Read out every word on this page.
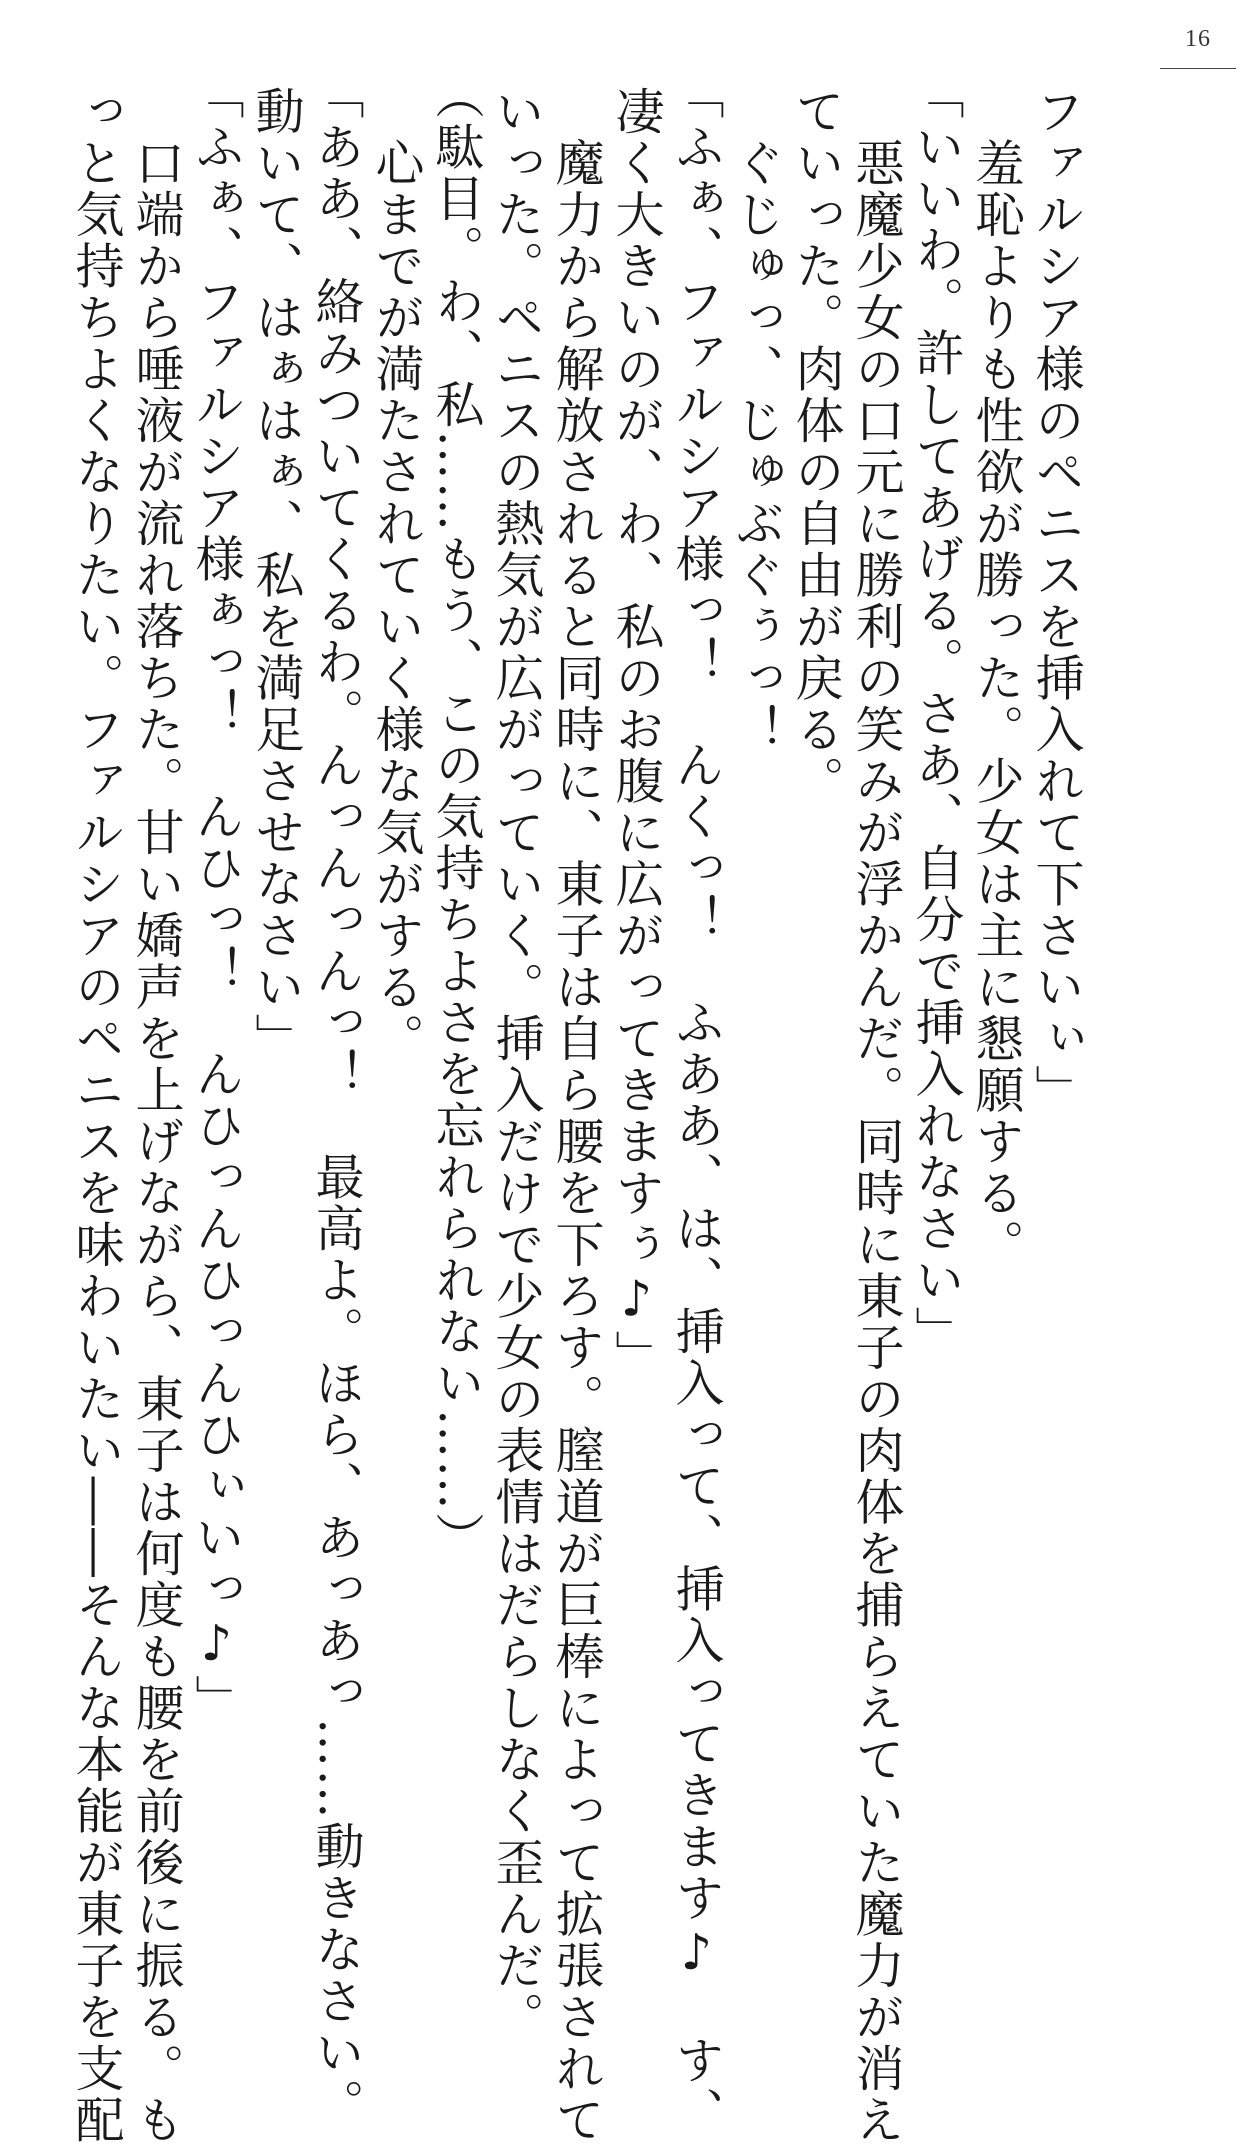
16
ファルシア様のペニスを挿入れて下さいぃ」
　羞恥よりも性欲が勝った。少女は主に懇願する。
「いいわ。許してあげる。さあ、自分で挿入れなさい」
　悪魔少女の口元に勝利の笑みが浮かんだ。同時に東子の肉体を捕らえていた魔力が消え
ていった。肉体の自由が戻る。
　ぐじゅっ、じゅぶぐぅっ！
「ふぁ、ファルシア様っ！　んくっ！　ふああ、は、挿入って、挿入ってきます♪　す、
凄く大きいのが、わ、私のお腹に広がってきますぅ♪」
　魔力から解放されると同時に、東子は自ら腰を下ろす。膣道が巨棒によって拡張されて
いった。ペニスの熱気が広がっていく。挿入だけで少女の表情はだらしなく歪んだ。
（駄目。わ、私……もう、この気持ちよさを忘れられない……）
　心までが満たされていく様な気がする。
「ああ、絡みついてくるわ。んっんっんっ！　最高よ。ほら、あっあっ……動きなさい。
動いて、はぁはぁ、私を満足させなさい」
「ふぁ、ファルシア様ぁっ！　んひっ！　んひっんひっんひぃいっ♪」
　口端から唾液が流れ落ちた。甘い嬌声を上げながら、東子は何度も腰を前後に振る。も
っと気持ちよくなりたい。ファルシアのペニスを味わいたい――そんな本能が東子を支配
